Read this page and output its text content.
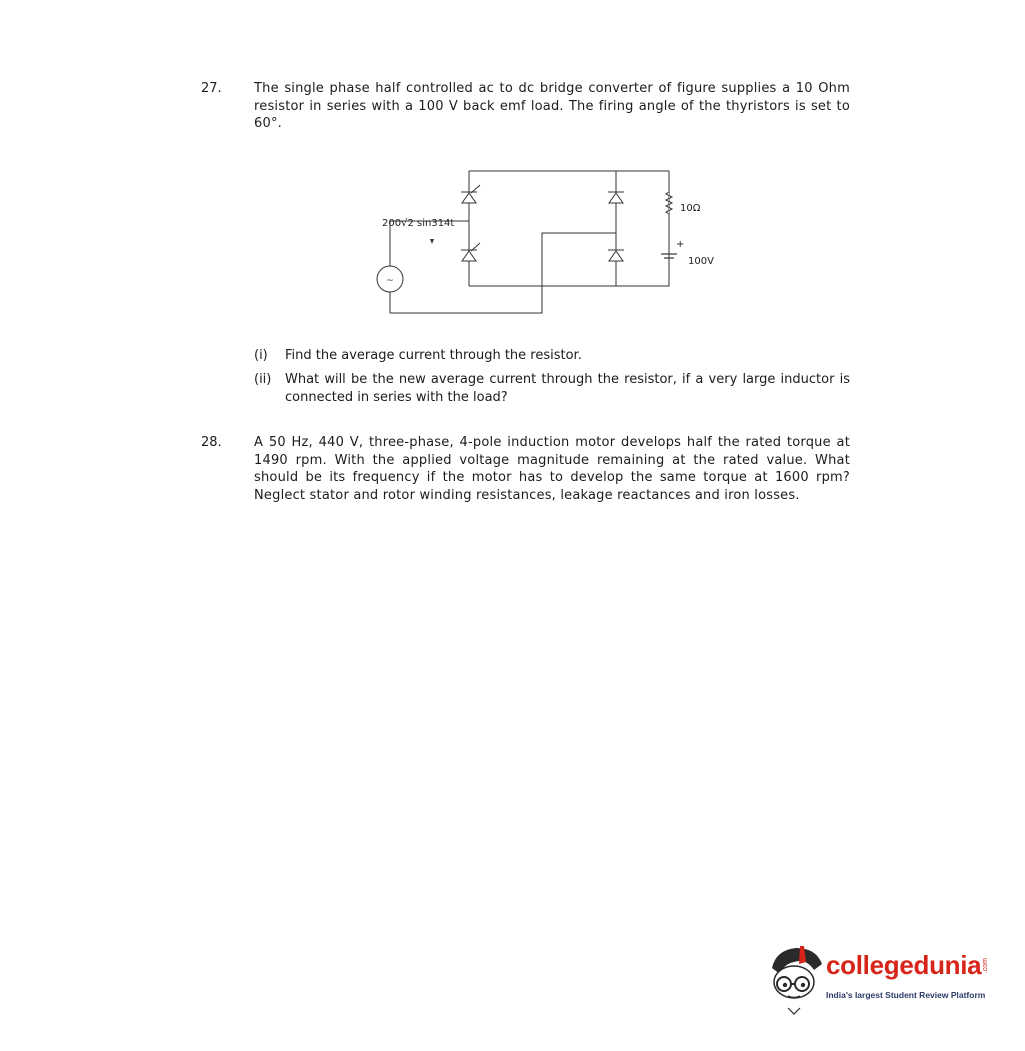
27. The single phase half controlled ac to dc bridge converter of figure supplies a 10 Ohm resistor in series with a 100 V back emf load. The firing angle of the thyristors is set to 60°.
~
200√2 sin314t
10Ω
+
100V
(i) Find the average current through the resistor.
(ii) What will be the new average current through the resistor, if a very large inductor is connected in series with the load?
28. A 50 Hz, 440 V, three-phase, 4-pole induction motor develops half the rated torque at 1490 rpm. With the applied voltage magnitude remaining at the rated value. What should be its frequency if the motor has to develop the same torque at 1600 rpm? Neglect stator and rotor winding resistances, leakage reactances and iron losses.
collegedunia .com
India's largest Student Review Platform
